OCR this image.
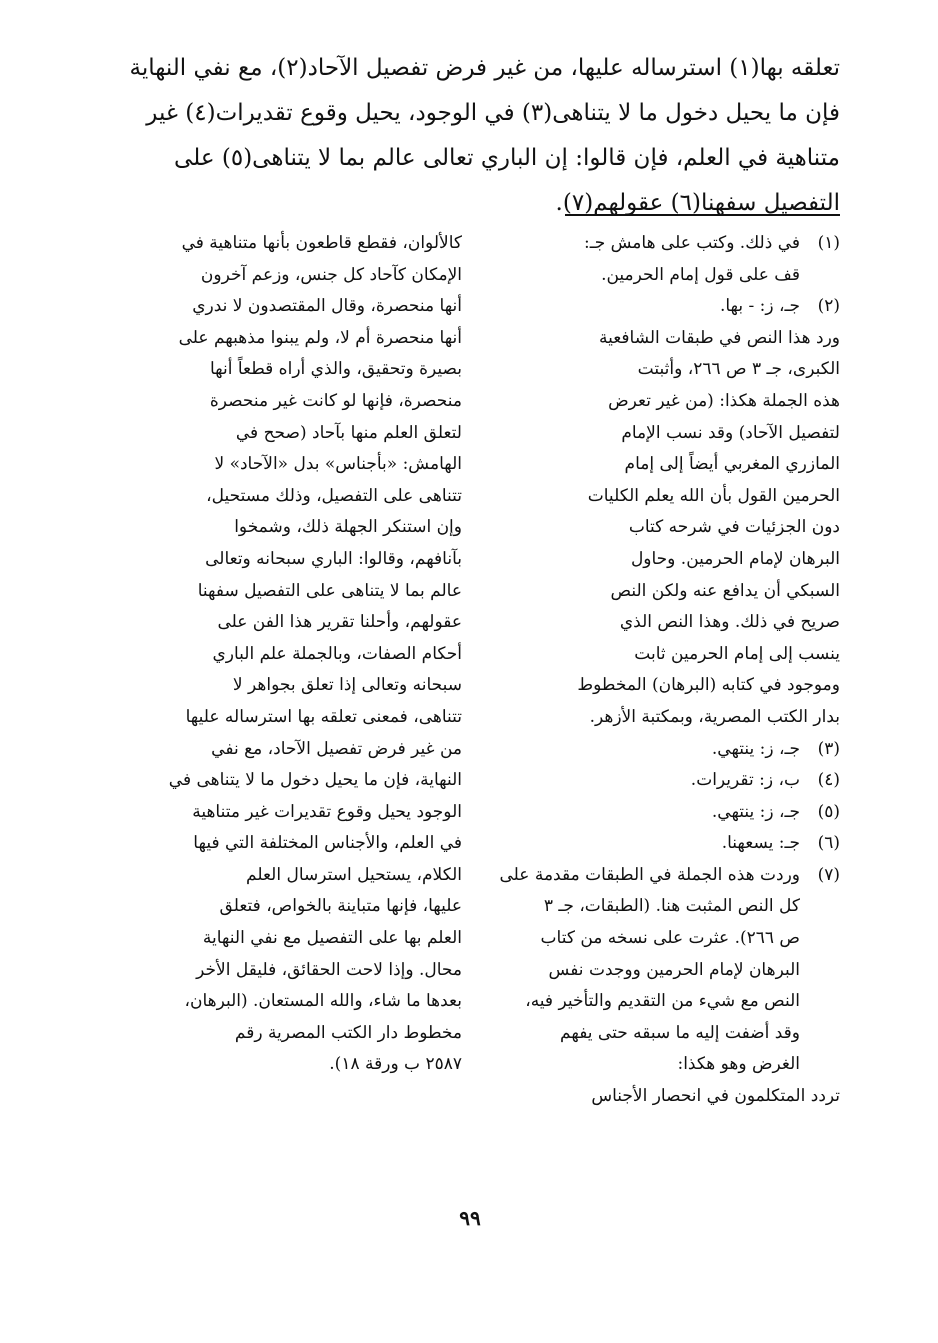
تعلقه بها(١) استرساله عليها، من غير فرض تفصيل الآحاد(٢)، مع نفي النهاية
فإن ما يحيل دخول ما لا يتناهى(٣) في الوجود، يحيل وقوع تقديرات(٤) غير
متناهية في العلم، فإن قالوا: إن الباري تعالى عالم بما لا يتناهى(٥) على
التفصيل سفهنا(٦) عقولهم(٧).
(١)
في ذلك. وكتب على هامش جـ:
قف على قول إمام الحرمين.
(٢)
جـ، ز: - بها.
ورد هذا النص في طبقات الشافعية
الكبرى، جـ ٣ ص ٢٦٦، وأثبتت
هذه الجملة هكذا: (من غير تعرض
لتفصيل الآحاد) وقد نسب الإمام
المازري المغربي أيضاً إلى إمام
الحرمين القول بأن الله يعلم الكليات
دون الجزئيات في شرحه كتاب
البرهان لإمام الحرمين. وحاول
السبكي أن يدافع عنه ولكن النص
صريح في ذلك. وهذا النص الذي
ينسب إلى إمام الحرمين ثابت
وموجود في كتابه (البرهان) المخطوط
بدار الكتب المصرية، وبمكتبة الأزهر.
(٣)
جـ، ز: ينتهي.
(٤)
ب، ز: تقريرات.
(٥)
جـ، ز: ينتهي.
(٦)
جـ: يسعهنا.
(٧)
وردت هذه الجملة في الطبقات مقدمة على
كل النص المثبت هنا. (الطبقات، جـ ٣
ص ٢٦٦). عثرت على نسخه من كتاب
البرهان لإمام الحرمين ووجدت نفس
النص مع شيء من التقديم والتأخير فيه،
وقد أضفت إليه ما سبقه حتى يفهم
الغرض وهو هكذا:
تردد المتكلمون في انحصار الأجناس
كالألوان، فقطع قاطعون بأنها متناهية في
الإمكان كآحاد كل جنس، وزعم آخرون
أنها منحصرة، وقال المقتصدون لا ندري
أنها منحصرة أم لا، ولم يبنوا مذهبهم على
بصيرة وتحقيق، والذي أراه قطعاً أنها
منحصرة، فإنها لو كانت غير منحصرة
لتعلق العلم منها بآحاد (صحح في
الهامش: «بأجناس» بدل «الآحاد» لا
تتناهى على التفصيل، وذلك مستحيل،
وإن استنكر الجهلة ذلك، وشمخوا
بآنافهم، وقالوا: الباري سبحانه وتعالى
عالم بما لا يتناهى على التفصيل سفهنا
عقولهم، وأحلنا تقرير هذا الفن على
أحكام الصفات، وبالجملة علم الباري
سبحانه وتعالى إذا تعلق بجواهر لا
تتناهى، فمعنى تعلقه بها استرساله عليها
من غير فرض تفصيل الآحاد، مع نفي
النهاية، فإن ما يحيل دخول ما لا يتناهى في
الوجود يحيل وقوع تقديرات غير متناهية
في العلم، والأجناس المختلفة التي فيها
الكلام، يستحيل استرسال العلم
عليها، فإنها متباينة بالخواص، فتعلق
العلم بها على التفصيل مع نفي النهاية
محال. وإذا لاحت الحقائق، فليقل الأخر
بعدها ما شاء، والله المستعان. (البرهان،
مخطوط دار الكتب المصرية رقم
٢٥٨٧ ب ورقة ١٨).
٩٩
